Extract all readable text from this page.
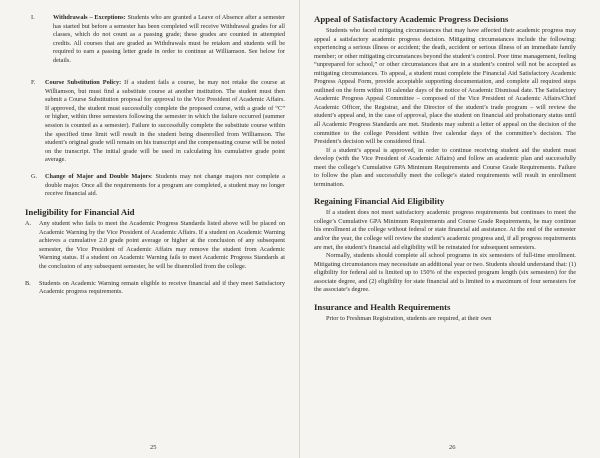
I.	Withdrawals – Exceptions: Students who are granted a Leave of Absence after a semester has started but before a semester has been completed will receive Withdrawal grades for all classes, which do not count as a passing grade; these grades are counted in attempted credits. All courses that are graded as Withdrawals must be retaken and students will be required to earn a passing letter grade in order to continue at Williamson. See below for details.
F. Course Substitution Policy: If a student fails a course, he may not retake the course at Williamson, but must find a substitute course at another institution. The student must then submit a Course Substitution proposal for approval to the Vice President of Academic Affairs. If approved, the student must successfully complete the proposed course, with a grade of “C” or higher, within three semesters following the semester in which the failure occurred (summer session is counted as a semester). Failure to successfully complete the substitute course within the specified time limit will result in the student being disenrolled from Williamson. The student’s original grade will remain on his transcript and the compensating course will be noted on the transcript. The initial grade will be used in calculating his cumulative grade point average.
G. Change of Major and Double Majors: Students may not change majors nor complete a double major. Once all the requirements for a program are completed, a student may no longer receive financial aid.
Ineligibility for Financial Aid
A. Any student who fails to meet the Academic Progress Standards listed above will be placed on Academic Warning by the Vice President of Academic Affairs. If a student on Academic Warning achieves a cumulative 2.0 grade point average or higher at the conclusion of any subsequent semester, the Vice President of Academic Affairs may remove the student from Academic Warning status. If a student on Academic Warning fails to meet Academic Progress Standards at the conclusion of any subsequent semester, he will be disenrolled from the college.
B. Students on Academic Warning remain eligible to receive financial aid if they meet Satisfactory Academic progress requirements.
25
Appeal of Satisfactory Academic Progress Decisions

Students who faced mitigating circumstances that may have affected their academic progress may appeal a satisfactory academic progress decision. Mitigating circumstances include the following: experiencing a serious illness or accident; the death, accident or serious illness of an immediate family member; or other mitigating circumstances beyond the student’s control. Poor time management, feeling “unprepared for school,” or other circumstances that are in a student’s control will not be accepted as mitigating circumstances. To appeal, a student must complete the Financial Aid Satisfactory Academic Progress Appeal Form, provide acceptable supporting documentation, and complete all required steps outlined on the form within 10 calendar days of the notice of Academic Dismissal date. The Satisfactory Academic Progress Appeal Committee – composed of the Vice President of Academic Affairs/Chief Academic Officer, the Registrar, and the Director of the student’s trade program – will review the student’s appeal and, in the case of approval, place the student on financial aid probationary status until all Academic Progress Standards are met. Students may submit a letter of appeal on the decision of the committee to the college President within five calendar days of the committee’s decision. The President’s decision will be considered final.

If a student’s appeal is approved, in order to continue receiving student aid the student must develop (with the Vice President of Academic Affairs) and follow an academic plan and successfully meet the college’s Cumulative GPA Minimum Requirements and Course Grade Requirements. Failure to follow the plan and successfully meet the college’s stated requirements will result in enrollment termination.

Regaining Financial Aid Eligibility

If a student does not meet satisfactory academic progress requirements but continues to meet the college’s Cumulative GPA Minimum Requirements and Course Grade Requirements, he may continue his enrollment at the college without federal or state financial aid assistance. At the end of the semester and/or the year, the college will review the student’s academic progress and, if all progress requirements are met, the student’s financial aid eligibility will be reinstated for subsequent semesters.

Normally, students should complete all school programs in six semesters of full-time enrollment. Mitigating circumstances may necessitate an additional year or two. Students should understand that: (1) eligibility for federal aid is limited up to 150% of the expected program length (six semesters) for the associate degree, and (2) eligibility for state financial aid is limited to a maximum of four semesters for the associate’s degree.

Insurance and Health Requirements

Prior to Freshman Registration, students are required, at their own

26
